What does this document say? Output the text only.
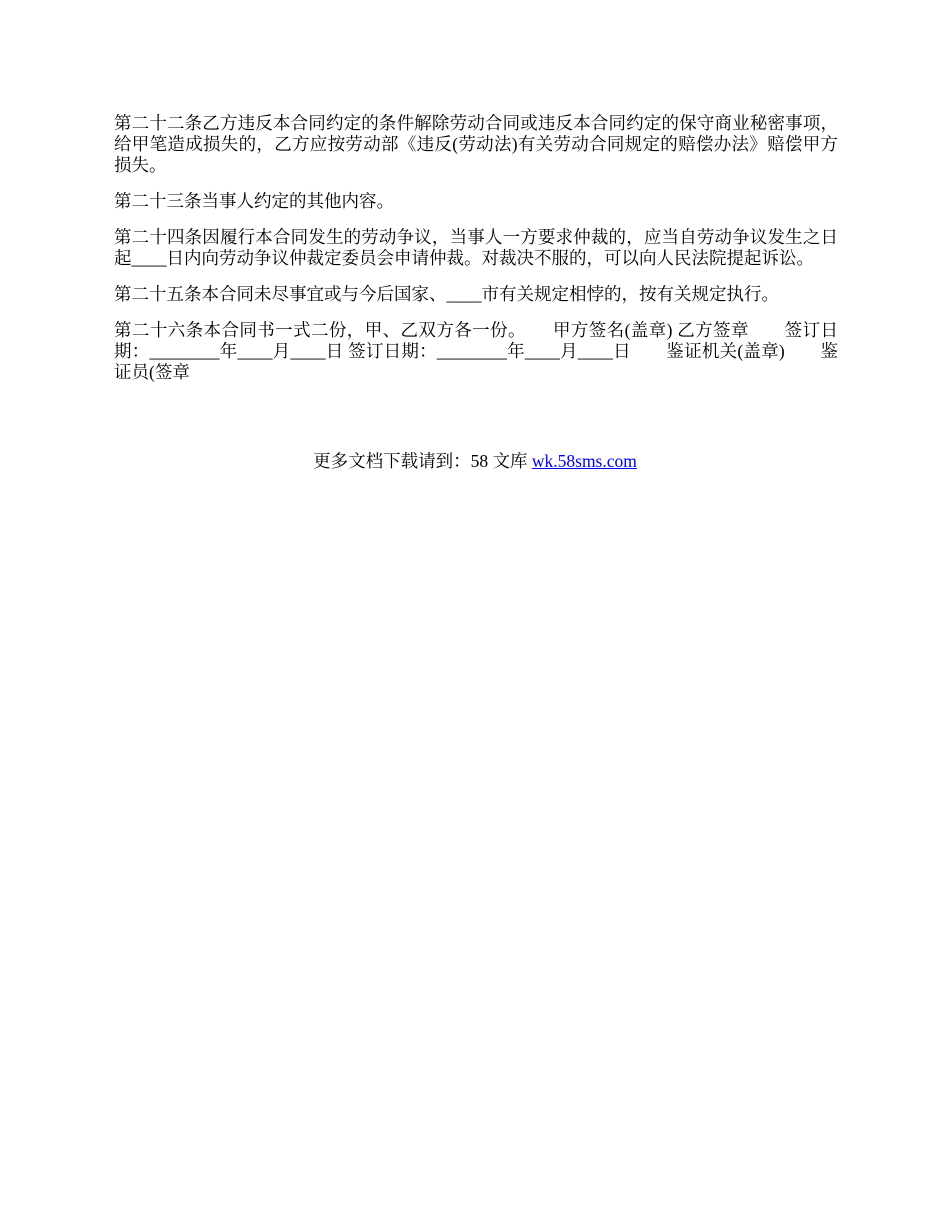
第二十二条乙方违反本合同约定的条件解除劳动合同或违反本合同约定的保守商业秘密事项，给甲笔造成损失的，乙方应按劳动部《违反(劳动法)有关劳动合同规定的赔偿办法》赔偿甲方损失。

第二十三条当事人约定的其他内容。

第二十四条因履行本合同发生的劳动争议，当事人一方要求仲裁的，应当自劳动争议发生之日起____日内向劳动争议仲裁定委员会申请仲裁。对裁决不服的，可以向人民法院提起诉讼。

第二十五条本合同未尽事宜或与今后国家、____市有关规定相悖的，按有关规定执行。

第二十六条本合同书一式二份，甲、乙双方各一份。　　甲方签名(盖章) 乙方签章　　签订日期：________年____月____日 签订日期：________年____月____日　　鉴证机关(盖章)　　鉴证员(签章

更多文档下载请到：58 文库 wk.58sms.com
